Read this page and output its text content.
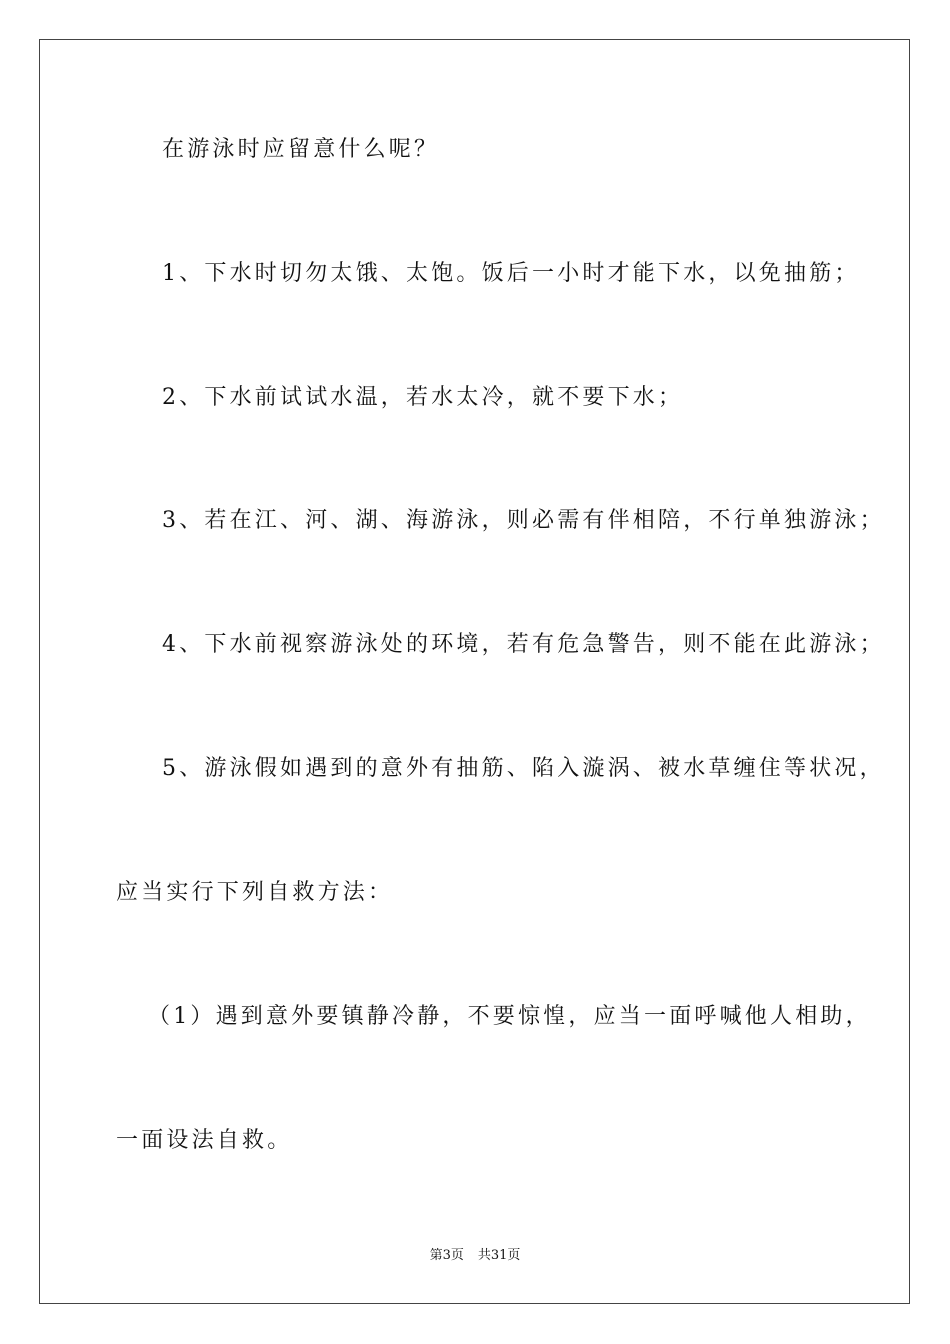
在游泳时应留意什么呢？
1、下水时切勿太饿、太饱。饭后一小时才能下水，以免抽筋；
2、下水前试试水温，若水太冷，就不要下水；
3、若在江、河、湖、海游泳，则必需有伴相陪，不行单独游泳；
4、下水前视察游泳处的环境，若有危急警告，则不能在此游泳；
5、游泳假如遇到的意外有抽筋、陷入漩涡、被水草缠住等状况，
应当实行下列自救方法：
（1）遇到意外要镇静冷静，不要惊惶，应当一面呼喊他人相助，
一面设法自救。
第3页 共31页
